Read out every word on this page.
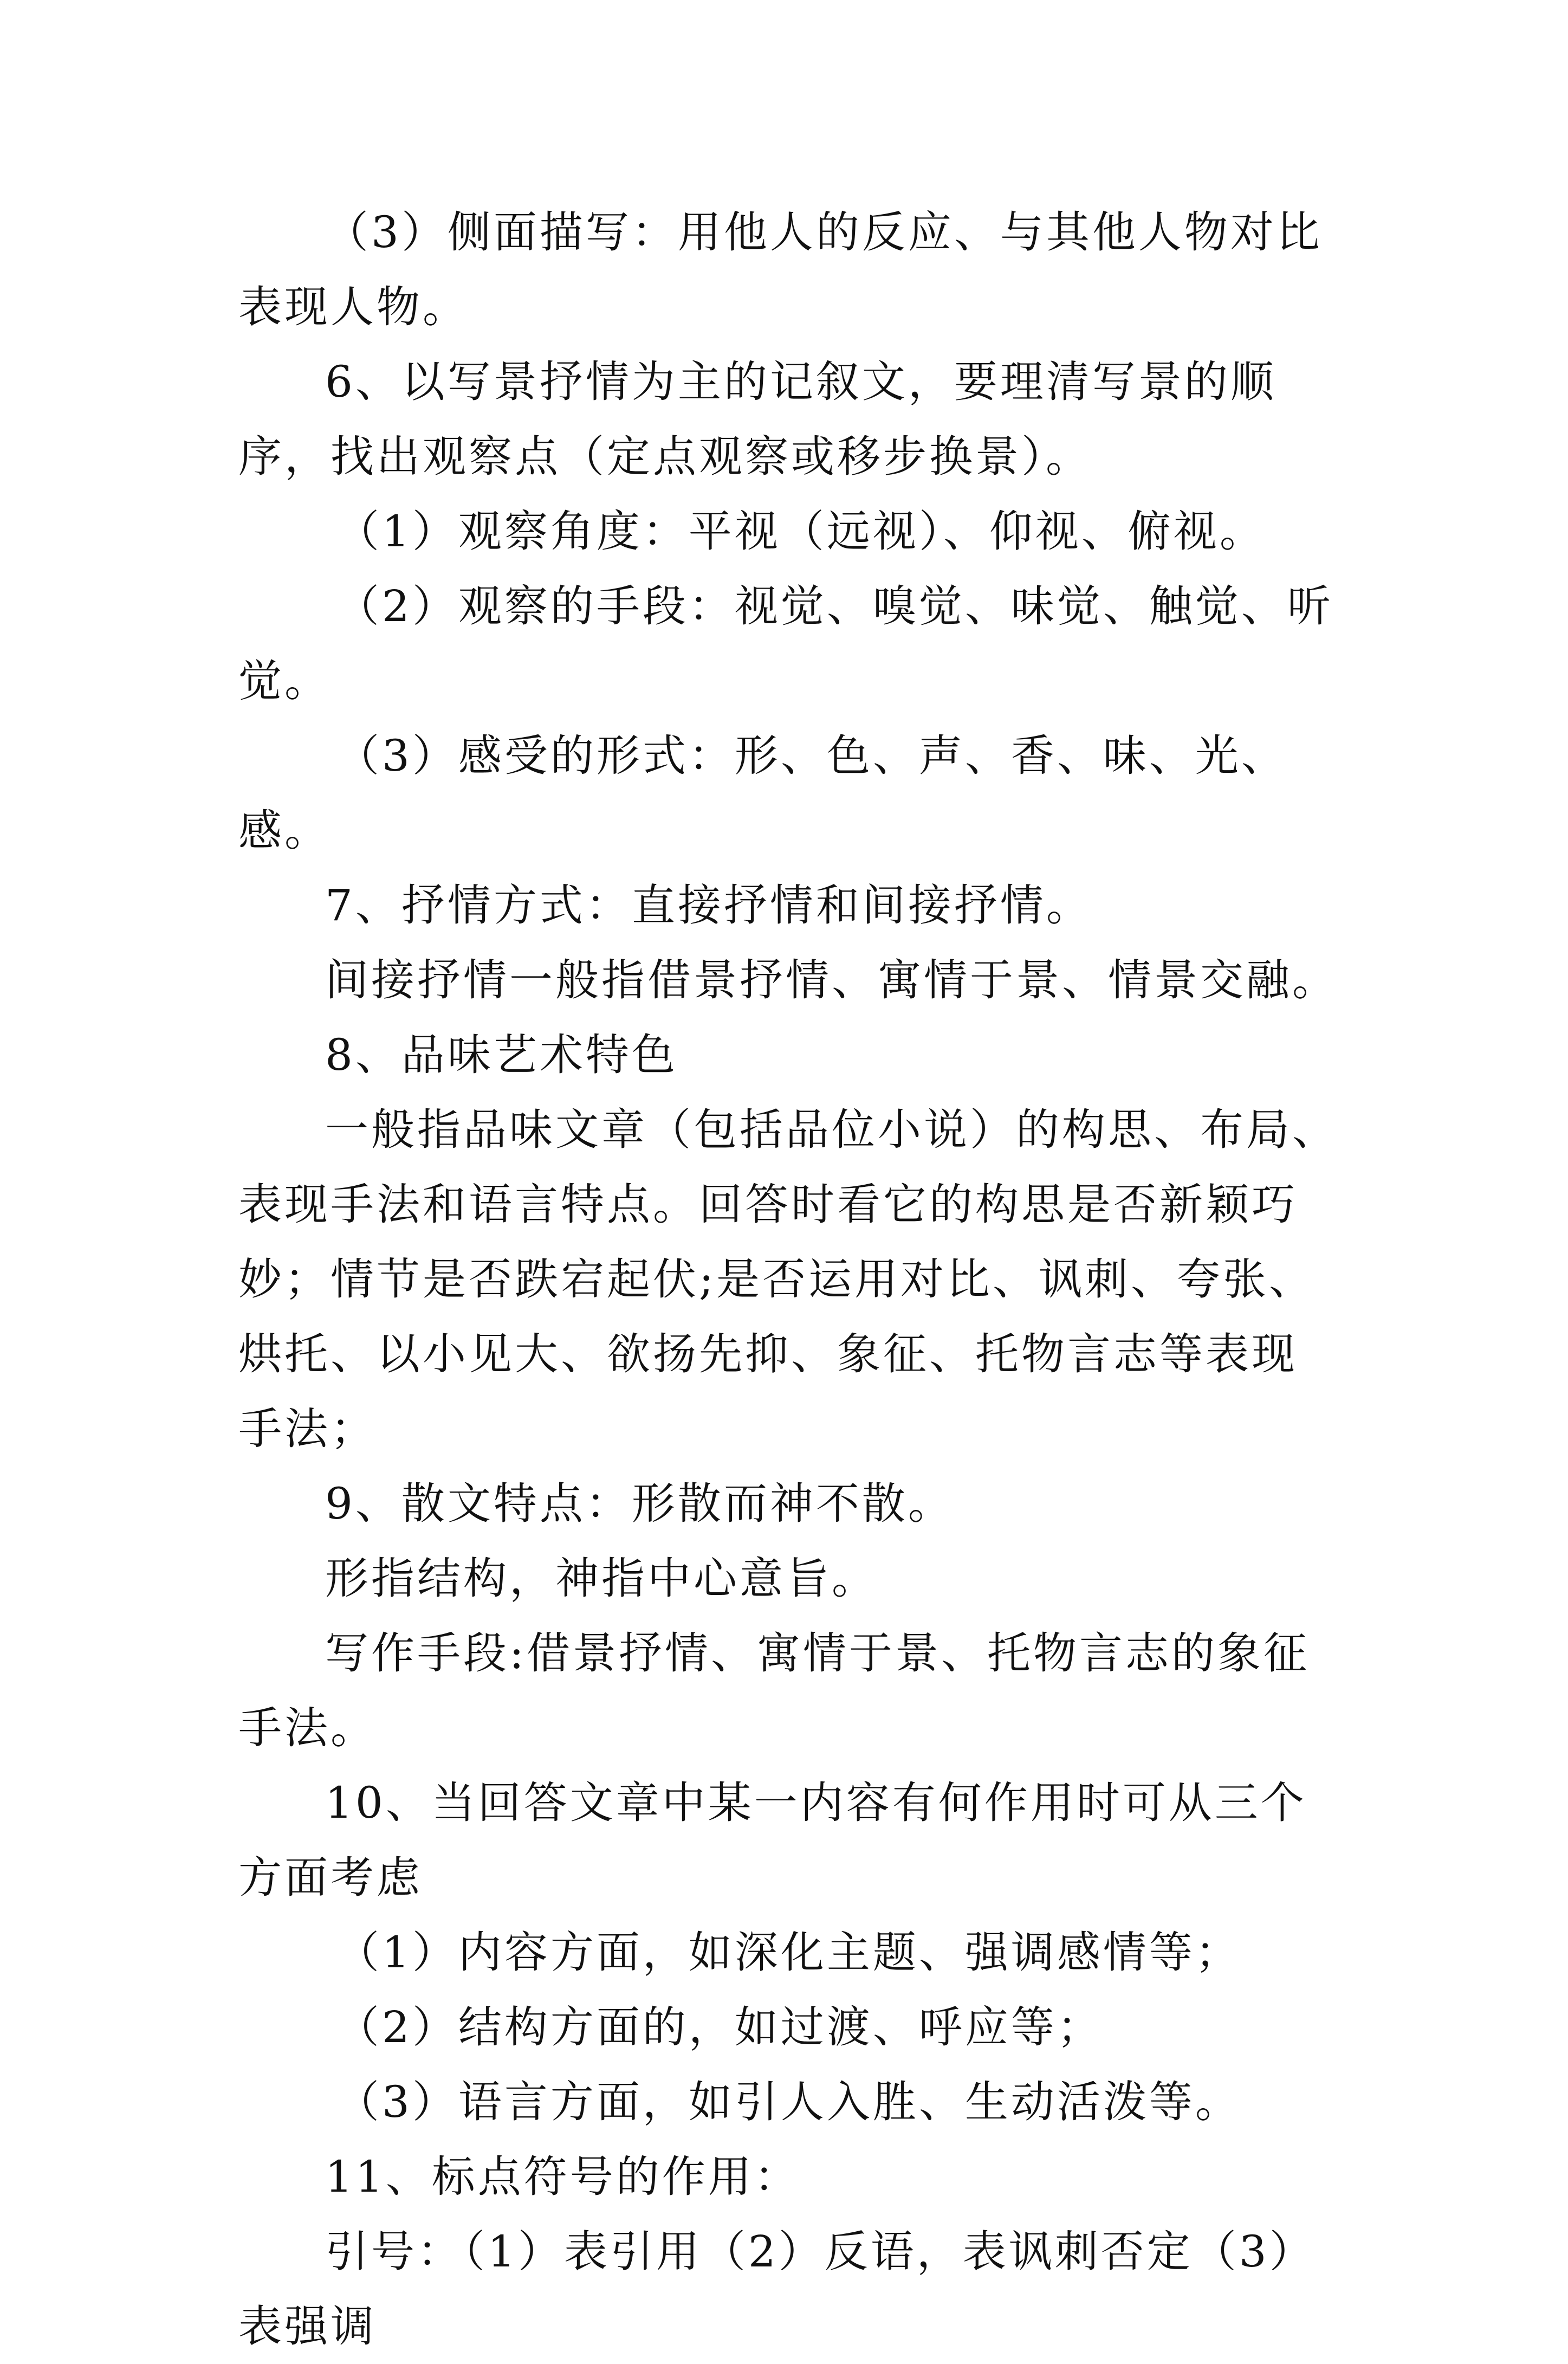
（3）侧面描写：用他人的反应、与其他人物对比表现人物。

6、以写景抒情为主的记叙文，要理清写景的顺序，找出观察点（定点观察或移步换景）。

（1）观察角度：平视（远视）、仰视、俯视。

（2）观察的手段：视觉、嗅觉、味觉、触觉、听觉。

（3）感受的形式：形、色、声、香、味、光、感。

7、抒情方式：直接抒情和间接抒情。

间接抒情一般指借景抒情、寓情于景、情景交融。

8、品味艺术特色

一般指品味文章（包括品位小说）的构思、布局、表现手法和语言特点。回答时看它的构思是否新颖巧妙；情节是否跌宕起伏;是否运用对比、讽刺、夸张、烘托、以小见大、欲扬先抑、象征、托物言志等表现手法；

9、散文特点：形散而神不散。

形指结构，神指中心意旨。

写作手段:借景抒情、寓情于景、托物言志的象征手法。

10、当回答文章中某一内容有何作用时可从三个方面考虑

（1）内容方面，如深化主题、强调感情等；

（2）结构方面的，如过渡、呼应等；

（3）语言方面，如引人入胜、生动活泼等。

11、标点符号的作用：

引号：（1）表引用（2）反语，表讽刺否定（3）表强调
